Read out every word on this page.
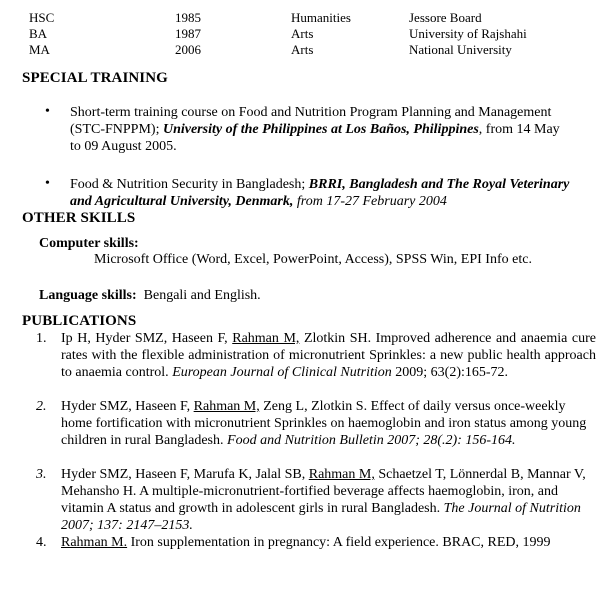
HSC	1985	Humanities	Jessore Board
BA	1987	Arts	University of Rajshahi
MA	2006	Arts	National University
SPECIAL TRAINING
• Short-term training course on Food and Nutrition Program Planning and Management (STC-FNPPM); University of the Philippines at Los Baños, Philippines, from 14 May to 09 August 2005.
• Food & Nutrition Security in Bangladesh; BRRI, Bangladesh and The Royal Veterinary and Agricultural University, Denmark, from 17-27 February 2004
OTHER SKILLS
Computer skills:
Microsoft Office (Word, Excel, PowerPoint, Access), SPSS Win, EPI Info etc.
Language skills: Bengali and English.
PUBLICATIONS
1. Ip H, Hyder SMZ, Haseen F, Rahman M, Zlotkin SH. Improved adherence and anaemia cure rates with the flexible administration of micronutrient Sprinkles: a new public health approach to anaemia control. European Journal of Clinical Nutrition 2009; 63(2):165-72.
2. Hyder SMZ, Haseen F, Rahman M, Zeng L, Zlotkin S. Effect of daily versus once-weekly home fortification with micronutrient Sprinkles on haemoglobin and iron status among young children in rural Bangladesh. Food and Nutrition Bulletin 2007; 28(.2): 156-164.
3. Hyder SMZ, Haseen F, Marufa K, Jalal SB, Rahman M, Schaetzel T, Lönnerdal B, Mannar V, Mehansho H. A multiple-micronutrient-fortified beverage affects haemoglobin, iron, and vitamin A status and growth in adolescent girls in rural Bangladesh. The Journal of Nutrition 2007; 137: 2147–2153.
4. Rahman M. Iron supplementation in pregnancy: A field experience. BRAC, RED, 1999
